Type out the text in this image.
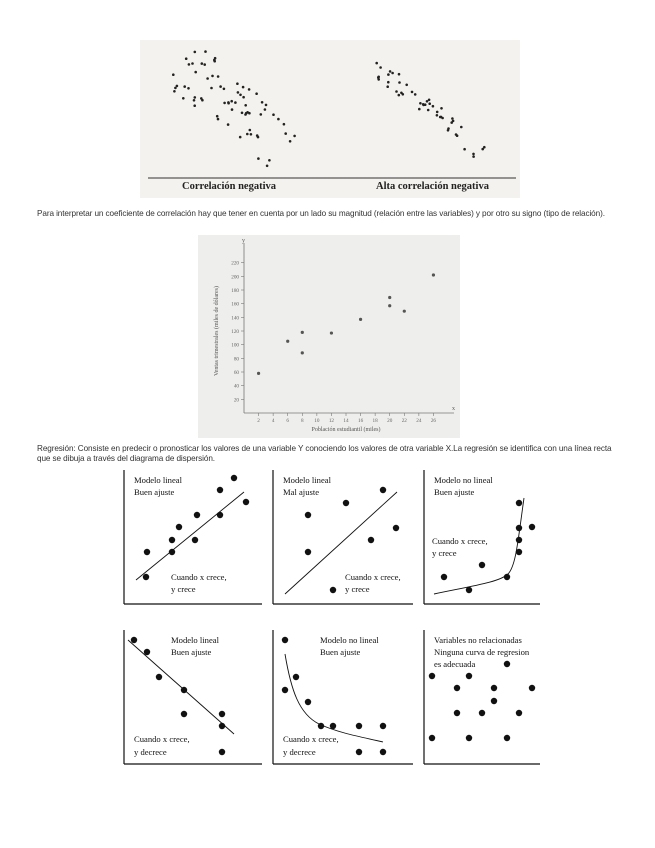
Correlación negativa	Alta correlación negativa
Para interpretar un coeficiente de correlación hay que tener en cuenta por un lado su magnitud (relación entre las variables) y por otro su signo (tipo de relación).
20
40
60
80
100
120
140
160
180
200
220
2 4 6 8 10 12 14 16 18 20 22 24 26
Población estudiantil (miles)
Ventas trimestrales (miles de dólares)
y
x
Regresión: Consiste en predecir o pronosticar los valores de una variable Y conociendo los valores de otra variable X.La regresión se identifica con una línea recta que se dibuja a través del diagrama de dispersión.
Modelo lineal
Buen ajuste
Cuando x crece,
y crece
Modelo lineal
Mal ajuste
Cuando x crece,
y crece
Modelo no lineal
Buen ajuste
Cuando x crece,
y crece
Modelo lineal
Buen ajuste
Cuando x crece,
y decrece
Modelo no lineal
Buen ajuste
Cuando x crece,
y decrece
Variables no relacionadas
Ninguna curva de regresion
es adecuada
